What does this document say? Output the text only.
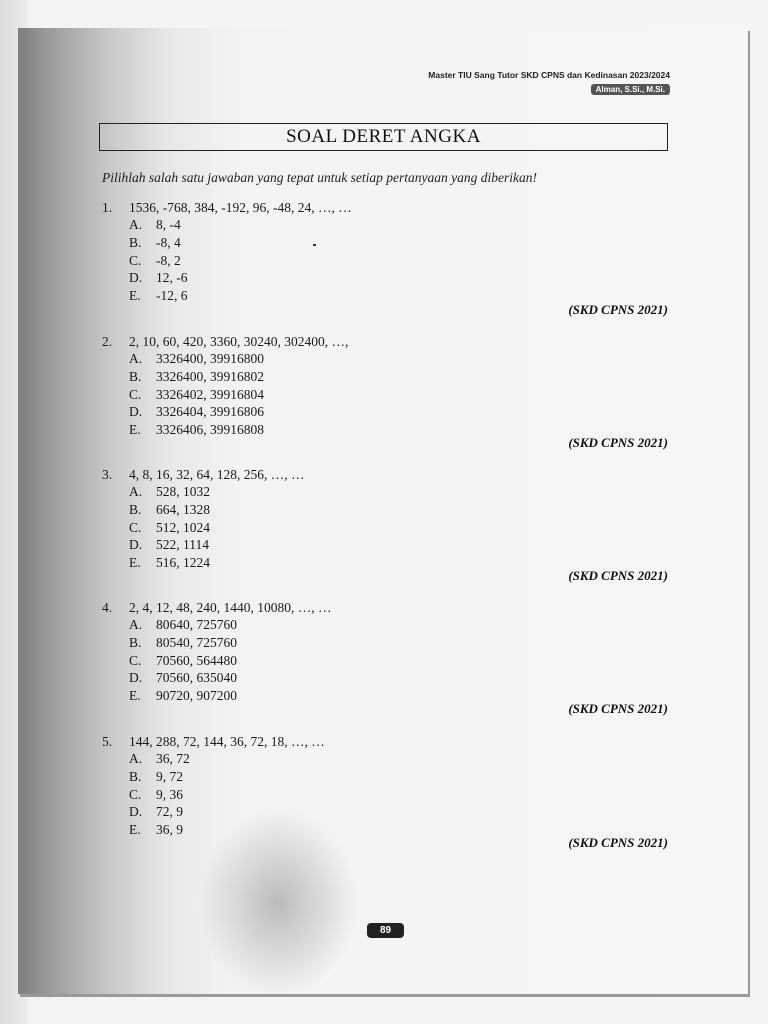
Master TIU Sang Tutor SKD CPNS dan Kedinasan 2023/2024
Alman, S.Si., M.Si.
SOAL DERET ANGKA
Pilihlah salah satu jawaban yang tepat untuk setiap pertanyaan yang diberikan!
1.	1536, -768, 384, -192, 96, -48, 24, …, …
A.	8, -4
B.	-8, 4
C.	-8, 2
D.	12, -6
E.	-12, 6
(SKD CPNS 2021)
2.	2, 10, 60, 420, 3360, 30240, 302400, …,
A.	3326400, 39916800
B.	3326400, 39916802
C.	3326402, 39916804
D.	3326404, 39916806
E.	3326406, 39916808
(SKD CPNS 2021)
3.	4, 8, 16, 32, 64, 128, 256, …, …
A.	528, 1032
B.	664, 1328
C.	512, 1024
D.	522, 1114
E.	516, 1224
(SKD CPNS 2021)
4.	2, 4, 12, 48, 240, 1440, 10080, …, …
A.	80640, 725760
B.	80540, 725760
C.	70560, 564480
D.	70560, 635040
E.	90720, 907200
(SKD CPNS 2021)
5.	144, 288, 72, 144, 36, 72, 18, …, …
A.	36, 72
B.	9, 72
C.	9, 36
D.	72, 9
E.	36, 9
(SKD CPNS 2021)
89
